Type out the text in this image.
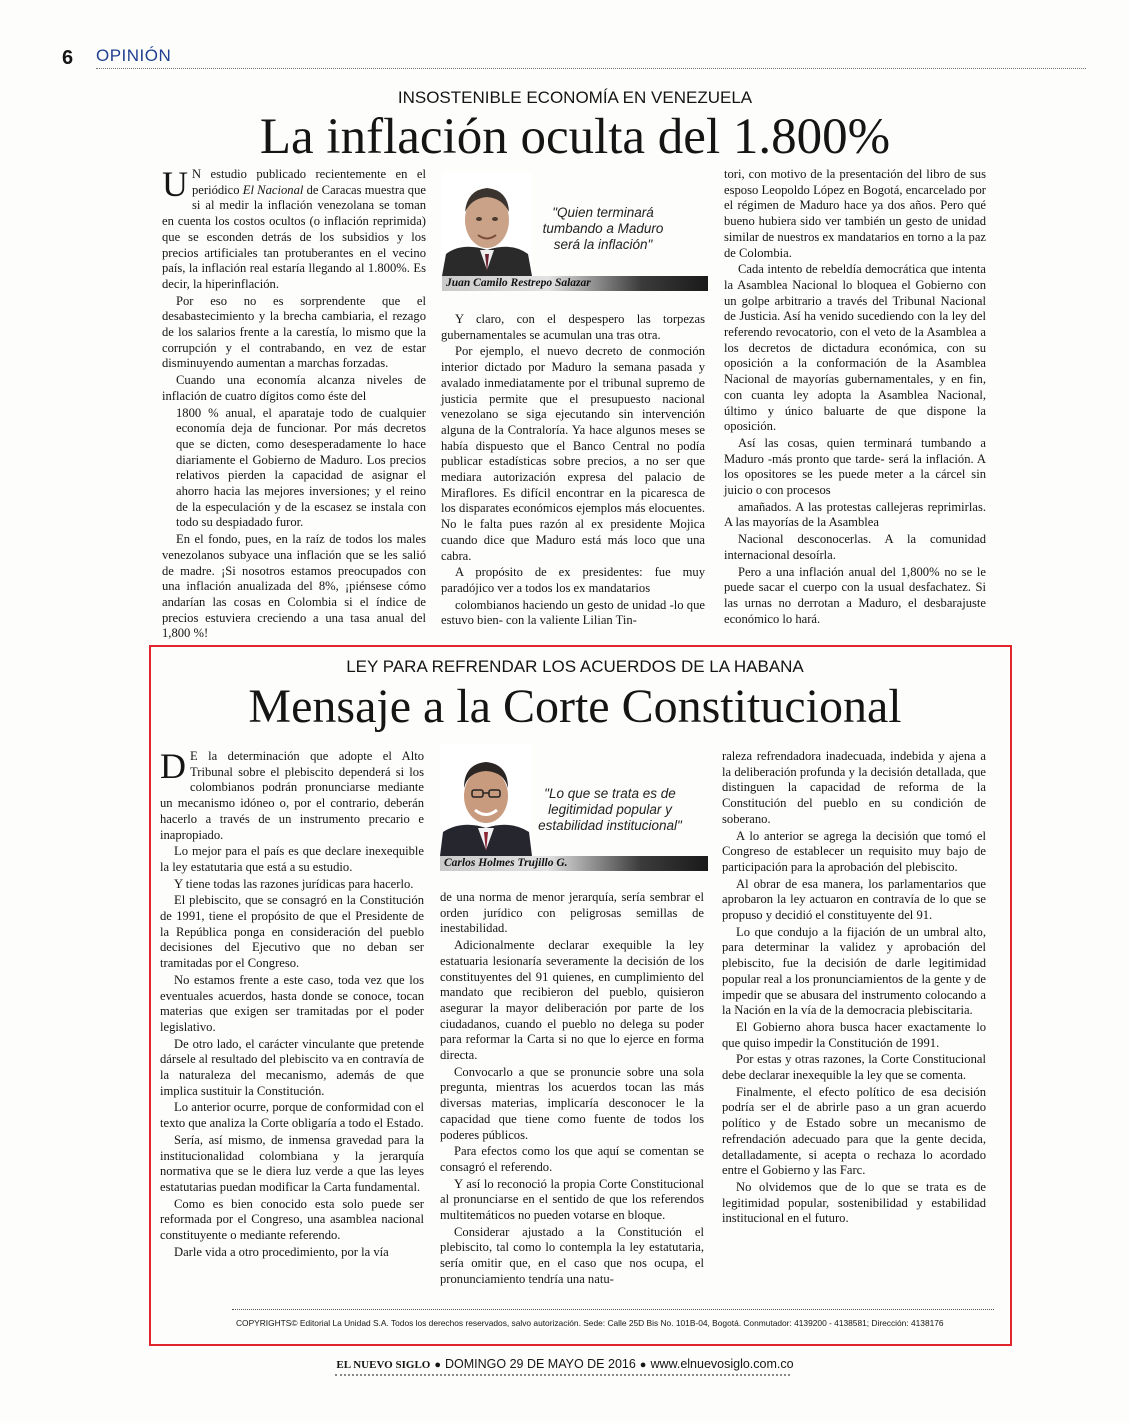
6 OPINIÓN
INSOSTENIBLE ECONOMÍA EN VENEZUELA
La inflación oculta del 1.800%

U N estudio publicado recientemente en el periódico El Nacional de Caracas muestra que si al medir la inflación venezolana se toman en cuenta los costos ocultos (o inflación reprimida) que se esconden detrás de los subsidios y los precios artificiales tan protuberantes en el vecino país, la inflación real estaría llegando al 1.800%. Es decir, la hiperinflación.

Por eso no es sorprendente que el desabastecimiento y la brecha cambiaria, el rezago de los salarios frente a la carestía, lo mismo que la corrupción y el contrabando, en vez de estar disminuyendo aumentan a marchas forzadas.

Cuando una economía alcanza niveles de inflación de cuatro dígitos como éste del

1800 % anual, el aparataje todo de cualquier economía deja de funcionar. Por más decretos que se dicten, como desesperadamente lo hace diariamente el Gobierno de Maduro. Los precios relativos pierden la capacidad de asignar el ahorro hacia las mejores inversiones; y el reino de la especulación y de la escasez se instala con todo su despiadado furor.

En el fondo, pues, en la raíz de todos los males venezolanos subyace una inflación que se les salió de madre. ¡Si nosotros estamos preocupados con una inflación anualizada del 8%, ¡piénsese cómo andarían las cosas en Colombia si el índice de precios estuviera creciendo a una tasa anual del 1,800 %!

"Quien terminará tumbando a Maduro será la inflación"
Juan Camilo Restrepo Salazar

Y claro, con el despespero las torpezas gubernamentales se acumulan una tras otra.

Por ejemplo, el nuevo decreto de conmoción interior dictado por Maduro la semana pasada y avalado inmediatamente por el tribunal supremo de justicia permite que el presupuesto nacional venezolano se siga ejecutando sin intervención alguna de la Contraloría. Ya hace algunos meses se había dispuesto que el Banco Central no podía publicar estadísticas sobre precios, a no ser que mediara autorización expresa del palacio de Miraflores. Es difícil encontrar en la picaresca de los disparates económicos ejemplos más elocuentes. No le falta pues razón al ex presidente Mojica cuando dice que Maduro está más loco que una cabra.

A propósito de ex presidentes: fue muy paradójico ver a todos los ex mandatarios

colombianos haciendo un gesto de unidad -lo que estuvo bien- con la valiente Lilian Tin-

tori, con motivo de la presentación del libro de sus esposo Leopoldo López en Bogotá, encarcelado por el régimen de Maduro hace ya dos años. Pero qué bueno hubiera sido ver también un gesto de unidad similar de nuestros ex mandatarios en torno a la paz de Colombia.

Cada intento de rebeldía democrática que intenta la Asamblea Nacional lo bloquea el Gobierno con un golpe arbitrario a través del Tribunal Nacional de Justicia. Así ha venido sucediendo con la ley del referendo revocatorio, con el veto de la Asamblea a los decretos de dictadura económica, con su oposición a la conformación de la Asamblea Nacional de mayorías gubernamentales, y en fin, con cuanta ley adopta la Asamblea Nacional, último y único baluarte de que dispone la oposición.

Así las cosas, quien terminará tumbando a Maduro -más pronto que tarde- será la inflación. A los opositores se les puede meter a la cárcel sin juicio o con procesos

amañados. A las protestas callejeras reprimirlas. A las mayorías de la Asamblea

Nacional desconocerlas. A la comunidad internacional desoírla.

Pero a una inflación anual del 1,800% no se le puede sacar el cuerpo con la usual desfachatez. Si las urnas no derrotan a Maduro, el desbarajuste económico lo hará.

LEY PARA REFRENDAR LOS ACUERDOS DE LA HABANA
Mensaje a la Corte Constitucional

D E la determinación que adopte el Alto Tribunal sobre el plebiscito dependerá si los colombianos podrán pronunciarse mediante un mecanismo idóneo o, por el contrario, deberán hacerlo a través de un instrumento precario e inapropiado.

Lo mejor para el país es que declare inexequible la ley estatutaria que está a su estudio.

Y tiene todas las razones jurídicas para hacerlo.

El plebiscito, que se consagró en la Constitución de 1991, tiene el propósito de que el Presidente de la República ponga en consideración del pueblo decisiones del Ejecutivo que no deban ser tramitadas por el Congreso.

No estamos frente a este caso, toda vez que los eventuales acuerdos, hasta donde se conoce, tocan materias que exigen ser tramitadas por el poder legislativo.

De otro lado, el carácter vinculante que pretende dársele al resultado del plebiscito va en contravía de la naturaleza del mecanismo, además de que implica sustituir la Constitución.

Lo anterior ocurre, porque de conformidad con el texto que analiza la Corte obligaría a todo el Estado.

Sería, así mismo, de inmensa gravedad para la institucionalidad colombiana y la jerarquía normativa que se le diera luz verde a que las leyes estatutarias puedan modificar la Carta fundamental.

Como es bien conocido esta solo puede ser reformada por el Congreso, una asamblea nacional constituyente o mediante referendo.

Darle vida a otro procedimiento, por la vía

"Lo que se trata es de legitimidad popular y estabilidad institucional"
Carlos Holmes Trujillo G.

de una norma de menor jerarquía, sería sembrar el orden jurídico con peligrosas semillas de inestabilidad.

Adicionalmente declarar exequible la ley estatuaria lesionaría severamente la decisión de los constituyentes del 91 quienes, en cumplimiento del mandato que recibieron del pueblo, quisieron asegurar la mayor deliberación por parte de los ciudadanos, cuando el pueblo no delega su poder para reformar la Carta si no que lo ejerce en forma directa.

Convocarlo a que se pronuncie sobre una sola pregunta, mientras los acuerdos tocan las más diversas materias, implicaría desconocer le la capacidad que tiene como fuente de todos los poderes públicos.

Para efectos como los que aquí se comentan se consagró el referendo.

Y así lo reconoció la propia Corte Constitucional al pronunciarse en el sentido de que los referendos multitemáticos no pueden votarse en bloque.

Considerar ajustado a la Constitución el plebiscito, tal como lo contempla la ley estatutaria, sería omitir que, en el caso que nos ocupa, el pronunciamiento tendría una natu-

raleza refrendadora inadecuada, indebida y ajena a la deliberación profunda y la decisión detallada, que distinguen la capacidad de reforma de la Constitución del pueblo en su condición de soberano.

A lo anterior se agrega la decisión que tomó el Congreso de establecer un requisito muy bajo de participación para la aprobación del plebiscito.

Al obrar de esa manera, los parlamentarios que aprobaron la ley actuaron en contravía de lo que se propuso y decidió el constituyente del 91.

Lo que condujo a la fijación de un umbral alto, para determinar la validez y aprobación del plebiscito, fue la decisión de darle legitimidad popular real a los pronunciamientos de la gente y de impedir que se abusara del instrumento colocando a la Nación en la vía de la democracia plebiscitaria.

El Gobierno ahora busca hacer exactamente lo que quiso impedir la Constitución de 1991.

Por estas y otras razones, la Corte Constitucional debe declarar inexequible la ley que se comenta.

Finalmente, el efecto político de esa decisión podría ser el de abrirle paso a un gran acuerdo político y de Estado sobre un mecanismo de refrendación adecuado para que la gente decida, detalladamente, si acepta o rechaza lo acordado entre el Gobierno y las Farc.

No olvidemos que de lo que se trata es de legitimidad popular, sostenibilidad y estabilidad institucional en el futuro.

COPYRIGHTS© Editorial La Unidad S.A. Todos los derechos reservados, salvo autorización. Sede: Calle 25D Bis No. 101B-04, Bogotá. Conmutador: 4139200 - 4138581; Dirección: 4138176
EL NUEVO SIGLO ● DOMINGO 29 DE MAYO DE 2016 ● www.elnuevosiglo.com.co
